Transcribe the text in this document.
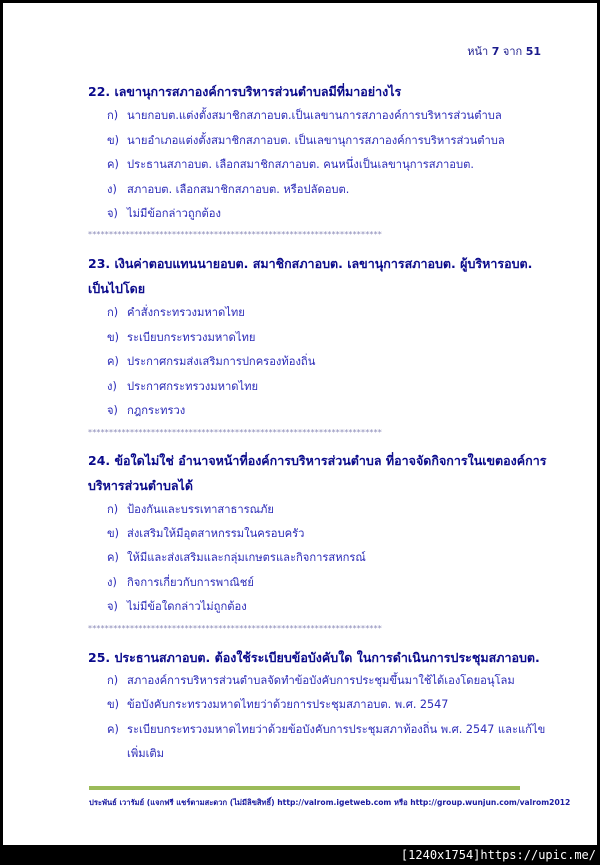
หน้า 7 จาก 51
22. เลขานุการสภาองค์การบริหารส่วนตำบลมีที่มาอย่างไร
ก) นายกอบต.แต่งตั้งสมาชิกสภาอบต.เป็นเลขานการสภาองค์การบริหารส่วนตำบล
ข) นายอำเภอแต่งตั้งสมาชิกสภาอบต. เป็นเลขานุการสภาองค์การบริหารส่วนตำบล
ค) ประธานสภาอบต. เลือกสมาชิกสภาอบต. คนหนึ่งเป็นเลขานุการสภาอบต.
ง) สภาอบต. เลือกสมาชิกสภาอบต. หรือปลัดอบต.
จ) ไม่มีข้อกล่าวถูกต้อง
**********************************************************************
23. เงินค่าตอบแทนนายอบต. สมาชิกสภาอบต. เลขานุการสภาอบต. ผู้บริหารอบต.
เป็นไปโดย
ก) คำสั่งกระทรวงมหาดไทย
ข) ระเบียบกระทรวงมหาดไทย
ค) ประกาศกรมส่งเสริมการปกครองท้องถิ่น
ง) ประกาศกระทรวงมหาดไทย
จ) กฎกระทรวง
**********************************************************************
24. ข้อใดไม่ใช่ อำนาจหน้าที่องค์การบริหารส่วนตำบล ที่อาจจัดกิจการในเขตองค์การ
บริหารส่วนตำบลได้
ก) ป้องกันและบรรเทาสาธารณภัย
ข) ส่งเสริมให้มีอุตสาหกรรมในครอบครัว
ค) ให้มีและส่งเสริมและกลุ่มเกษตรและกิจการสหกรณ์
ง) กิจการเกี่ยวกับการพาณิชย์
จ) ไม่มีข้อใดกล่าวไม่ถูกต้อง
**********************************************************************
25. ประธานสภาอบต. ต้องใช้ระเบียบข้อบังคับใด ในการดำเนินการประชุมสภาอบต.
ก) สภาองค์การบริหารส่วนตำบลจัดทำข้อบังคับการประชุมขึ้นมาใช้ได้เองโดยอนุโลม
ข) ข้อบังคับกระทรวงมหาดไทยว่าด้วยการประชุมสภาอบต. พ.ศ. 2547
ค) ระเบียบกระทรวงมหาดไทยว่าด้วยข้อบังคับการประชุมสภาท้องถิ่น พ.ศ. 2547 และแก้ไข
เพิ่มเติม
ประพันธ์ เวารัมย์ (แจกฟรี แชร์ตามสะดวก (ไม่มีลิขสิทธิ์) http://valrom.igetweb.com หรือ http://group.wunjun.com/valrom2012
[1240x1754]https://upic.me/
